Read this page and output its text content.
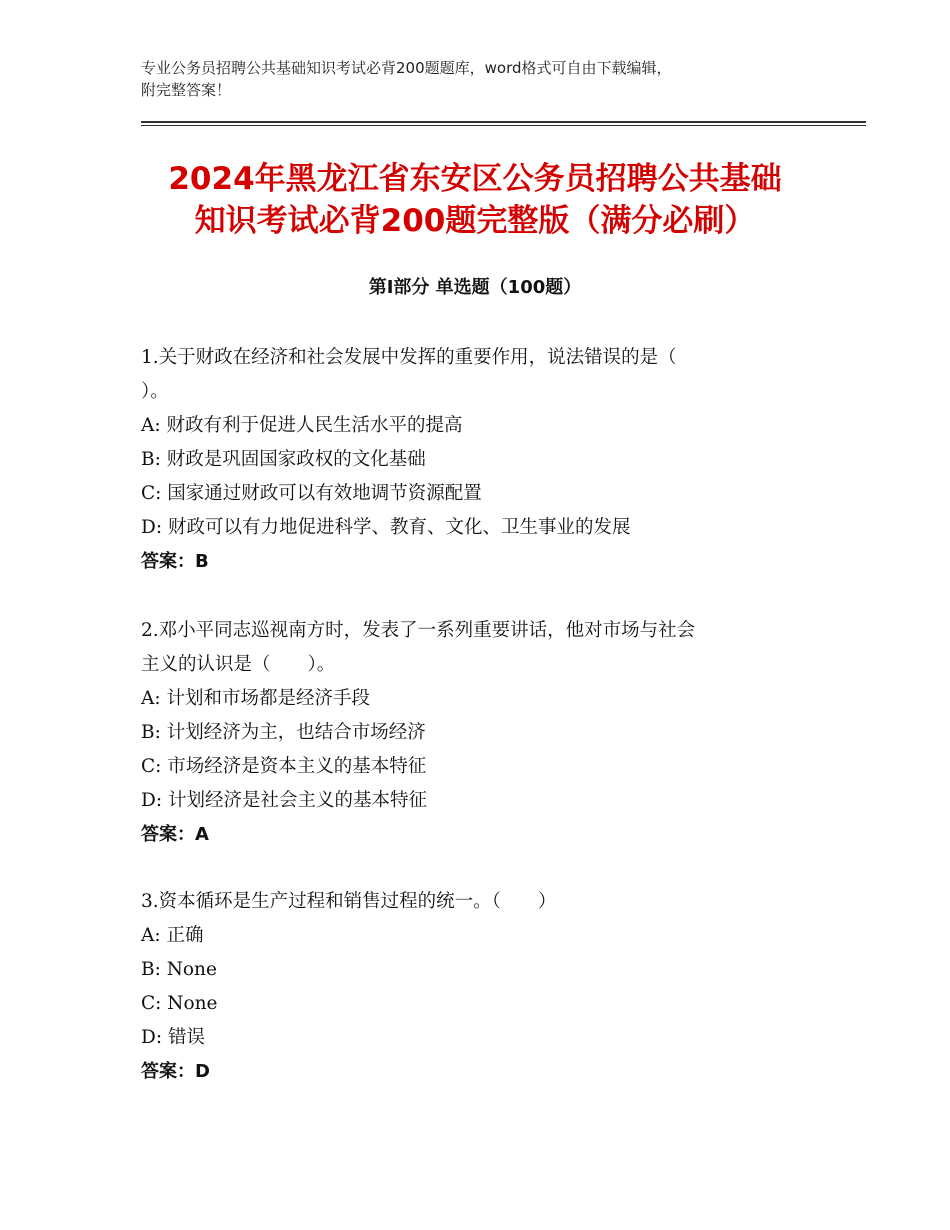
专业公务员招聘公共基础知识考试必背200题题库，word格式可自由下载编辑，
附完整答案！
2024年黑龙江省东安区公务员招聘公共基础
知识考试必背200题完整版（满分必刷）
第I部分 单选题（100题）

1.关于财政在经济和社会发展中发挥的重要作用，说法错误的是（
）。

A: 财政有利于促进人民生活水平的提高

B: 财政是巩固国家政权的文化基础

C: 国家通过财政可以有效地调节资源配置

D: 财政可以有力地促进科学、教育、文化、卫生事业的发展

答案：B

2.邓小平同志巡视南方时，发表了一系列重要讲话，他对市场与社会
主义的认识是（　　）。

A: 计划和市场都是经济手段

B: 计划经济为主，也结合市场经济

C: 市场经济是资本主义的基本特征

D: 计划经济是社会主义的基本特征

答案：A

3.资本循环是生产过程和销售过程的统一。（　　）

A: 正确

B: None

C: None

D: 错误

答案：D
